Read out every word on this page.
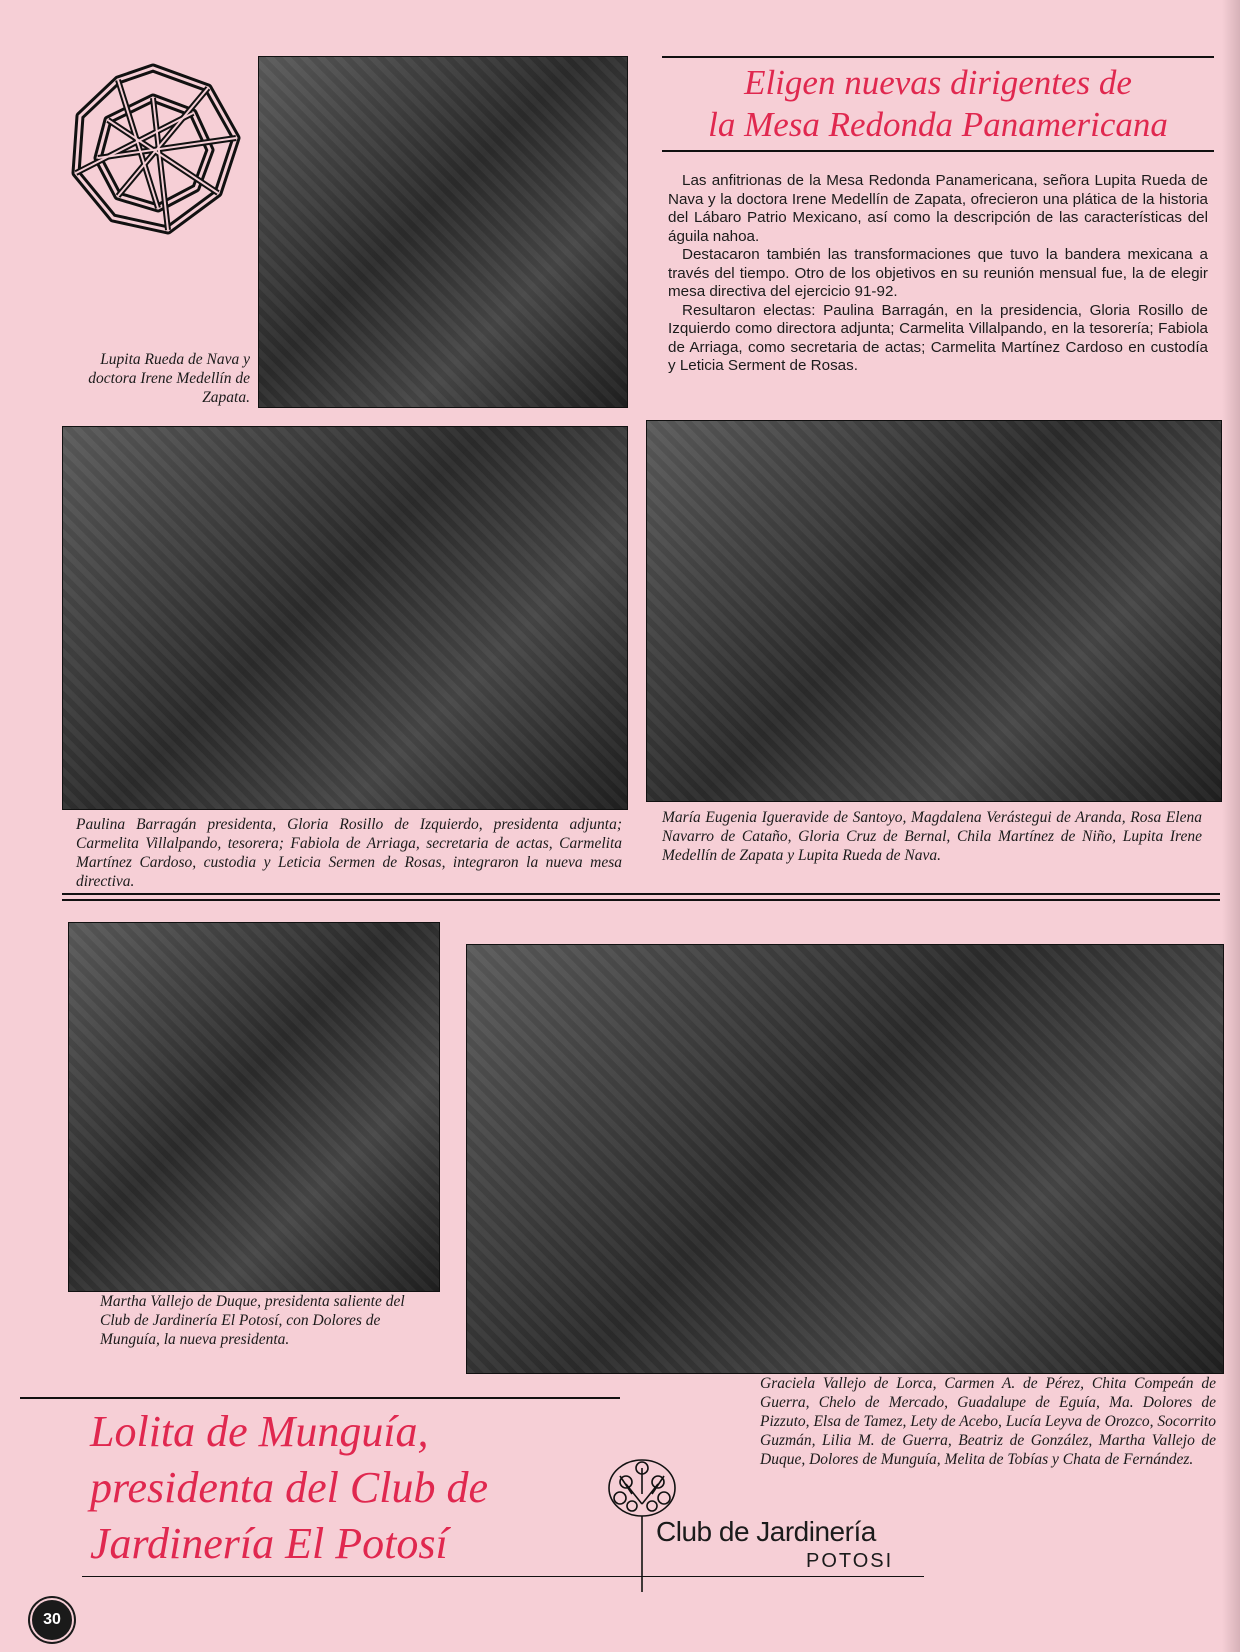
Lupita Rueda de Nava y doctora Irene Medellín de Zapata.
Eligen nuevas dirigentes de
la Mesa Redonda Panamericana

Las anfitrionas de la Mesa Redonda Panamericana, señora Lupita Rueda de Nava y la doctora Irene Medellín de Zapata, ofrecieron una plática de la historia del Lábaro Patrio Mexicano, así como la descripción de las características del águila nahoa.

Destacaron también las transformaciones que tuvo la bandera mexicana a través del tiempo. Otro de los objetivos en su reunión mensual fue, la de elegir mesa directiva del ejercicio 91-92.

Resultaron electas: Paulina Barragán, en la presidencia, Gloria Rosillo de Izquierdo como directora adjunta; Carmelita Villalpando, en la tesorería; Fabiola de Arriaga, como secretaria de actas; Carmelita Martínez Cardoso en custodía y Leticia Serment de Rosas.

Paulina Barragán presidenta, Gloria Rosillo de Izquierdo, presidenta adjunta; Carmelita Villalpando, tesorera; Fabiola de Arriaga, secretaria de actas, Carmelita Martínez Cardoso, custodia y Leticia Sermen de Rosas, integraron la nueva mesa directiva.
María Eugenia Igueravide de Santoyo, Magdalena Verástegui de Aranda, Rosa Elena Navarro de Cataño, Gloria Cruz de Bernal, Chila Martínez de Niño, Lupita Irene Medellín de Zapata y Lupita Rueda de Nava.
Martha Vallejo de Duque, presidenta saliente del Club de Jardinería El Potosí, con Dolores de Munguía, la nueva presidenta.
Graciela Vallejo de Lorca, Carmen A. de Pérez, Chita Compeán de Guerra, Chelo de Mercado, Guadalupe de Eguía, Ma. Dolores de Pizzuto, Elsa de Tamez, Lety de Acebo, Lucía Leyva de Orozco, Socorrito Guzmán, Lilia M. de Guerra, Beatriz de González, Martha Vallejo de Duque, Dolores de Munguía, Melita de Tobías y Chata de Fernández.
Lolita de Munguía,
presidenta del Club de
Jardinería El Potosí	Club de Jardinería
POTOSI
30
